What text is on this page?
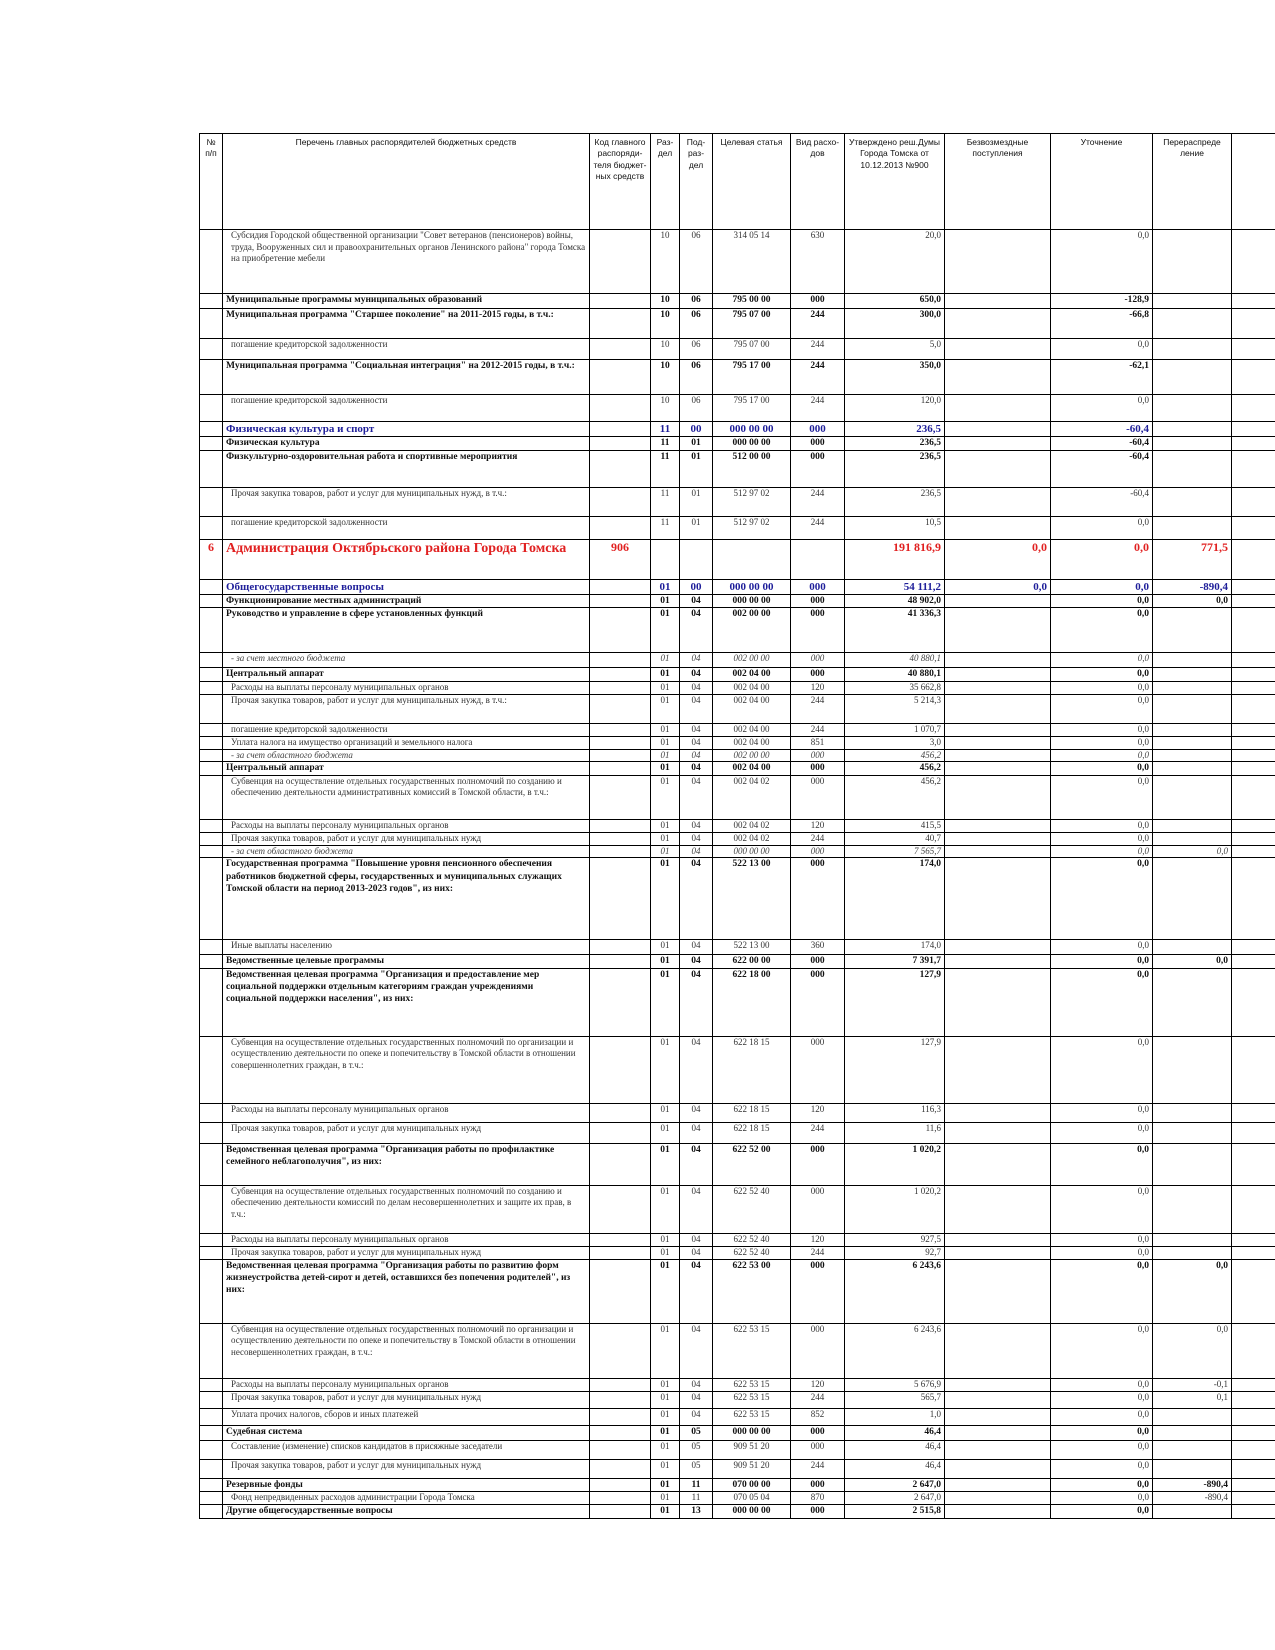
№ п/п	Перечень главных распорядителей бюджетных средств	Код главного распоряди-теля бюджет-ных средств	Раз-дел	Под-раз-дел	Целевая статья	Вид расхо-дов	Утверждено реш.Думы Города Томска от 10.12.2013 №900	Безвозмездные поступления	Уточнение	Перераспреде ление	
	Субсидия Городской общественной организации "Совет ветеранов (пенсионеров) войны, труда, Вооруженных сил и правоохранительных органов Ленинского района" города Томска на приобретение мебели		10	06	314 05 14	630	20,0		0,0		
	Муниципальные программы муниципальных образований		10	06	795 00 00	000	650,0		-128,9		
	Муниципальная программа "Старшее поколение" на 2011-2015 годы, в т.ч.:		10	06	795 07 00	244	300,0		-66,8		
	погашение кредиторской задолженности		10	06	795 07 00	244	5,0		0,0		
	Муниципальная программа "Социальная интеграция" на 2012-2015 годы, в т.ч.:		10	06	795 17 00	244	350,0		-62,1		
	погашение кредиторской задолженности		10	06	795 17 00	244	120,0		0,0		
	Физическая культура и спорт		11	00	000 00 00	000	236,5		-60,4		
	Физическая культура		11	01	000 00 00	000	236,5		-60,4		
	Физкультурно-оздоровительная работа и спортивные мероприятия		11	01	512 00 00	000	236,5		-60,4		
	Прочая закупка товаров, работ и услуг для муниципальных нужд, в т.ч.:		11	01	512 97 02	244	236,5		-60,4		
	погашение кредиторской задолженности		11	01	512 97 02	244	10,5		0,0		
6	Администрация Октябрьского района Города Томска	906					191 816,9	0,0	0,0	771,5	
	Общегосударственные вопросы		01	00	000 00 00	000	54 111,2	0,0	0,0	-890,4	
	Функционирование местных администраций		01	04	000 00 00	000	48 902,0		0,0	0,0	
	Руководство и управление в сфере установленных функций		01	04	002 00 00	000	41 336,3		0,0		
	- за счет местного бюджета		01	04	002 00 00	000	40 880,1		0,0		
	Центральный аппарат		01	04	002 04 00	000	40 880,1		0,0		
	Расходы на выплаты персоналу муниципальных органов		01	04	002 04 00	120	35 662,8		0,0		
	Прочая закупка товаров, работ и услуг для муниципальных нужд, в т.ч.:		01	04	002 04 00	244	5 214,3		0,0		
	погашение кредиторской задолженности		01	04	002 04 00	244	1 070,7		0,0		
	Уплата налога на имущество организаций и земельного налога		01	04	002 04 00	851	3,0		0,0		
	- за счет областного бюджета		01	04	002 00 00	000	456,2		0,0		
	Центральный аппарат		01	04	002 04 00	000	456,2		0,0		
	Субвенция на осуществление отдельных государственных полномочий по созданию и обеспечению деятельности административных комиссий в Томской области, в т.ч.:		01	04	002 04 02	000	456,2		0,0		
	Расходы на выплаты персоналу муниципальных органов		01	04	002 04 02	120	415,5		0,0		
	Прочая закупка товаров, работ и услуг для муниципальных нужд		01	04	002 04 02	244	40,7		0,0		
	- за счет областного бюджета		01	04	000 00 00	000	7 565,7		0,0	0,0	
	Государственная программа "Повышение уровня пенсионного обеспечения работников бюджетной сферы, государственных и муниципальных служащих Томской области на период 2013-2023 годов", из них:		01	04	522 13 00	000	174,0		0,0		
	Иные выплаты населению		01	04	522 13 00	360	174,0		0,0		
	Ведомственные целевые программы		01	04	622 00 00	000	7 391,7		0,0	0,0	
	Ведомственная целевая программа "Организация и предоставление мер социальной поддержки отдельным категориям граждан учреждениями социальной поддержки населения", из них:		01	04	622 18 00	000	127,9		0,0		
	Субвенция на осуществление отдельных государственных полномочий по организации и осуществлению деятельности по опеке и попечительству в Томской области в отношении совершеннолетних граждан, в т.ч.:		01	04	622 18 15	000	127,9		0,0		
	Расходы на выплаты персоналу муниципальных органов		01	04	622 18 15	120	116,3		0,0		
	Прочая закупка товаров, работ и услуг для муниципальных нужд		01	04	622 18 15	244	11,6		0,0		
	Ведомственная целевая программа "Организация работы по профилактике семейного неблагополучия", из них:		01	04	622 52 00	000	1 020,2		0,0		
	Субвенция на осуществление отдельных государственных полномочий по созданию и обеспечению деятельности комиссий по делам несовершеннолетних и защите их прав, в т.ч.:		01	04	622 52 40	000	1 020,2		0,0		
	Расходы на выплаты персоналу муниципальных органов		01	04	622 52 40	120	927,5		0,0		
	Прочая закупка товаров, работ и услуг для муниципальных нужд		01	04	622 52 40	244	92,7		0,0		
	Ведомственная целевая программа "Организация работы по развитию форм жизнеустройства детей-сирот и детей, оставшихся без попечения родителей", из них:		01	04	622 53 00	000	6 243,6		0,0	0,0	
	Субвенция на осуществление отдельных государственных полномочий по организации и осуществлению деятельности по опеке и попечительству в Томской области в отношении несовершеннолетних граждан, в т.ч.:		01	04	622 53 15	000	6 243,6		0,0	0,0	
	Расходы на выплаты персоналу муниципальных органов		01	04	622 53 15	120	5 676,9		0,0	-0,1	
	Прочая закупка товаров, работ и услуг для муниципальных нужд		01	04	622 53 15	244	565,7		0,0	0,1	
	Уплата прочих налогов, сборов и иных платежей		01	04	622 53 15	852	1,0		0,0		
	Судебная система		01	05	000 00 00	000	46,4		0,0		
	Составление (изменение) списков кандидатов в присяжные заседатели		01	05	909 51 20	000	46,4		0,0		
	Прочая закупка товаров, работ и услуг для муниципальных нужд		01	05	909 51 20	244	46,4		0,0		
	Резервные фонды		01	11	070 00 00	000	2 647,0		0,0	-890,4	
	Фонд непредвиденных расходов администрации Города Томска		01	11	070 05 04	870	2 647,0		0,0	-890,4	
	Другие общегосударственные вопросы		01	13	000 00 00	000	2 515,8		0,0		
